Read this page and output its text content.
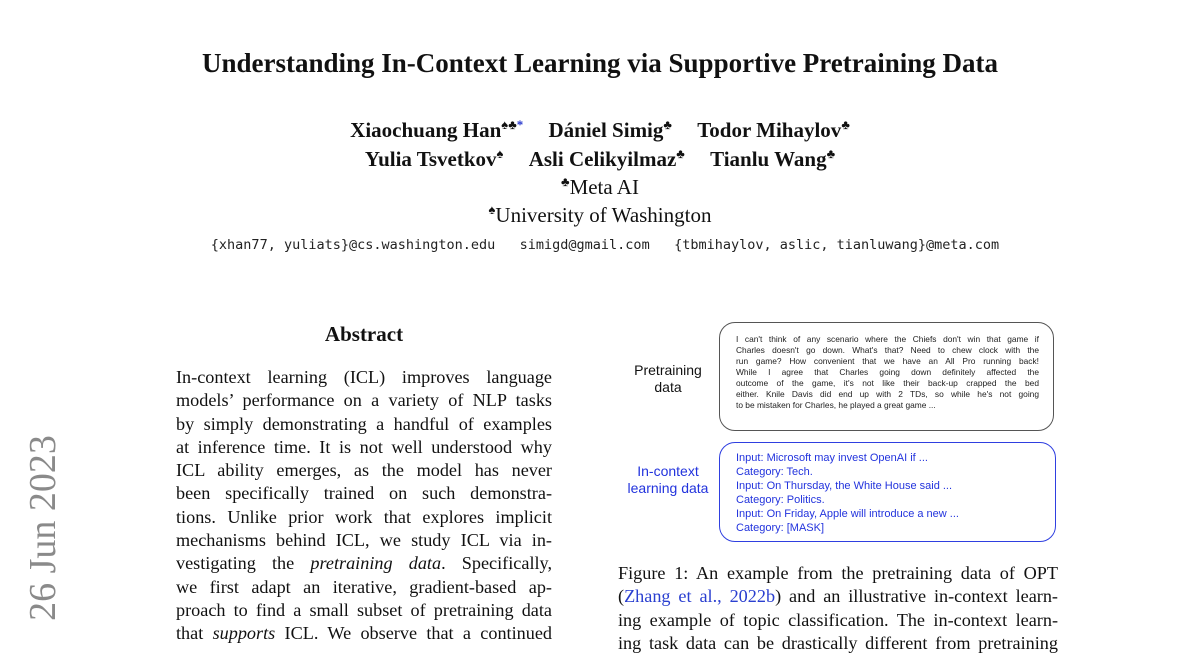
Understanding In-Context Learning via Supportive Pretraining Data
Xiaochuang Han♠♣* Dániel Simig♣ Todor Mihaylov♣
Yulia Tsvetkov♠ Asli Celikyilmaz♣ Tianlu Wang♣
♣Meta AI
♠University of Washington
{xhan77, yuliats}@cs.washington.edu   simigd@gmail.com   {tbmihaylov, aslic, tianluwang}@meta.com
26 Jun 2023
Abstract
In-context learning (ICL) improves language
models’ performance on a variety of NLP tasks
by simply demonstrating a handful of examples
at inference time. It is not well understood why
ICL ability emerges, as the model has never
been specifically trained on such demonstra-
tions. Unlike prior work that explores implicit
mechanisms behind ICL, we study ICL via in-
vestigating the pretraining data. Specifically,
we first adapt an iterative, gradient-based ap-
proach to find a small subset of pretraining data
that supports ICL. We observe that a continued
Pretraining
data
I can't think of any scenario where the Chiefs don't win that game if
Charles doesn't go down. What's that? Need to chew clock with the
run game? How convenient that we have an All Pro running back!
While I agree that Charles going down definitely affected the
outcome of the game, it's not like their back-up crapped the bed
either. Knile Davis did end up with 2 TDs, so while he's not going
to be mistaken for Charles, he played a great game ...
In-context
learning data
Input: Microsoft may invest OpenAI if ...
Category: Tech.
Input: On Thursday, the White House said ...
Category: Politics.
Input: On Friday, Apple will introduce a new ...
Category: [MASK]
Figure 1: An example from the pretraining data of OPT
(Zhang et al., 2022b) and an illustrative in-context learn-
ing example of topic classification. The in-context learn-
ing task data can be drastically different from pretraining
